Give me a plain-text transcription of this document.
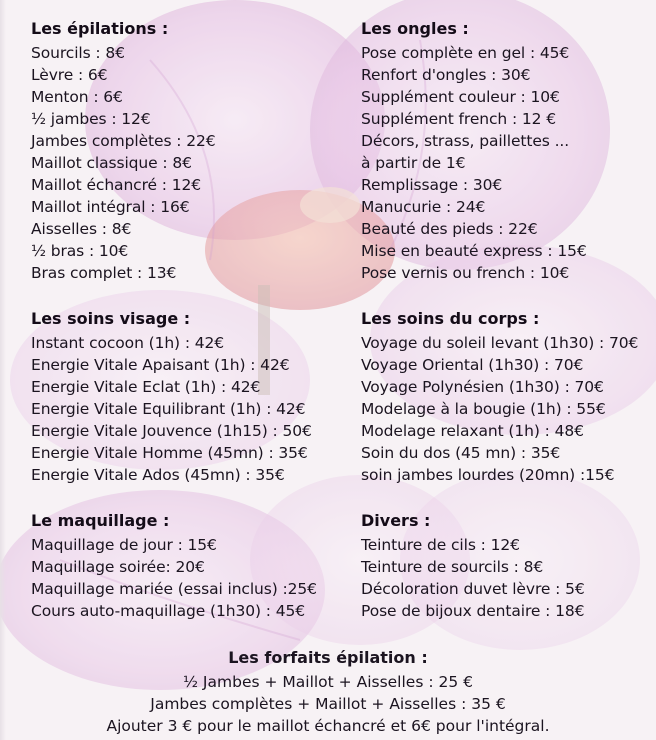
Les épilations :
Sourcils : 8€
Lèvre : 6€
Menton : 6€
½ jambes : 12€
Jambes complètes : 22€
Maillot classique : 8€
Maillot échancré : 12€
Maillot intégral : 16€
Aisselles : 8€
½ bras : 10€
Bras complet : 13€
Les soins visage :
Instant cocoon (1h) : 42€
Energie Vitale Apaisant (1h) : 42€
Energie Vitale Eclat (1h) : 42€
Energie Vitale Equilibrant (1h) : 42€
Energie Vitale Jouvence (1h15) : 50€
Energie Vitale Homme (45mn) : 35€
Energie Vitale Ados (45mn) : 35€
Le maquillage :
Maquillage de jour : 15€
Maquillage soirée: 20€
Maquillage mariée (essai inclus) :25€
Cours auto-maquillage (1h30) : 45€
Les ongles :
Pose complète en gel : 45€
Renfort d'ongles : 30€
Supplément couleur : 10€
Supplément french : 12 €
Décors, strass, paillettes ...
à partir de 1€
Remplissage : 30€
Manucurie : 24€
Beauté des pieds : 22€
Mise en beauté express : 15€
Pose vernis ou french : 10€
Les soins du corps :
Voyage du soleil levant (1h30) : 70€
Voyage Oriental (1h30) : 70€
Voyage Polynésien (1h30) : 70€
Modelage à la bougie (1h) : 55€
Modelage relaxant (1h) : 48€
Soin du dos (45 mn) : 35€
soin jambes lourdes (20mn) :15€
Divers :
Teinture de cils : 12€
Teinture de sourcils : 8€
Décoloration duvet lèvre : 5€
Pose de bijoux dentaire : 18€
Les forfaits épilation :

½ Jambes + Maillot + Aisselles : 25 €

Jambes complètes + Maillot + Aisselles : 35 €

Ajouter 3 € pour le maillot échancré et 6€ pour l'intégral.
